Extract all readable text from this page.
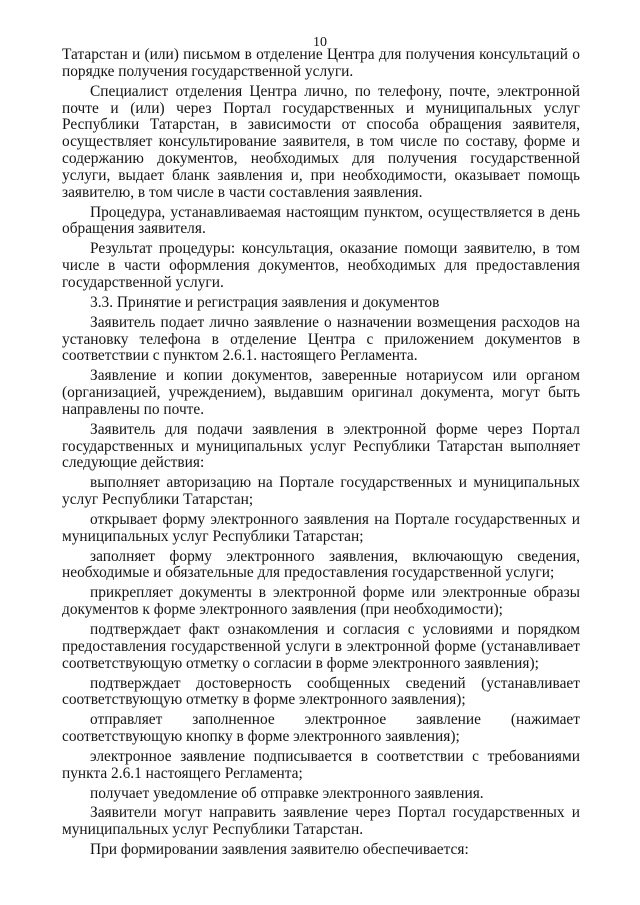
10

Татарстан и (или) письмом в отделение Центра для получения консультаций о порядке получения государственной услуги.

Специалист отделения Центра лично, по телефону, почте, электронной почте и (или) через Портал государственных и муниципальных услуг Республики Татарстан, в зависимости от способа обращения заявителя, осуществляет консультирование заявителя, в том числе по составу, форме и содержанию документов, необходимых для получения государственной услуги, выдает бланк заявления и, при необходимости, оказывает помощь заявителю, в том числе в части составления заявления.

Процедура, устанавливаемая настоящим пунктом, осуществляется в день обращения заявителя.

Результат процедуры: консультация, оказание помощи заявителю, в том числе в части оформления документов, необходимых для предоставления государственной услуги.

3.3. Принятие и регистрация заявления и документов

Заявитель подает лично заявление о назначении возмещения расходов на установку телефона в отделение Центра с приложением документов в соответствии с пунктом 2.6.1. настоящего Регламента.

Заявление и копии документов, заверенные нотариусом или органом (организацией, учреждением), выдавшим оригинал документа, могут быть направлены по почте.

Заявитель для подачи заявления в электронной форме через Портал государственных и муниципальных услуг Республики Татарстан выполняет следующие действия:

выполняет авторизацию на Портале государственных и муниципальных услуг Республики Татарстан;

открывает форму электронного заявления на Портале государственных и муниципальных услуг Республики Татарстан;

заполняет форму электронного заявления, включающую сведения, необходимые и обязательные для предоставления государственной услуги;

прикрепляет документы в электронной форме или электронные образы документов к форме электронного заявления (при необходимости);

подтверждает факт ознакомления и согласия с условиями и порядком предоставления государственной услуги в электронной форме (устанавливает соответствующую отметку о согласии в форме электронного заявления);

подтверждает достоверность сообщенных сведений (устанавливает соответствующую отметку в форме электронного заявления);

отправляет заполненное электронное заявление (нажимает соответствующую кнопку в форме электронного заявления);

электронное заявление подписывается в соответствии с требованиями пункта 2.6.1 настоящего Регламента;

получает уведомление об отправке электронного заявления.

Заявители могут направить заявление через Портал государственных и муниципальных услуг Республики Татарстан.

При формировании заявления заявителю обеспечивается:
